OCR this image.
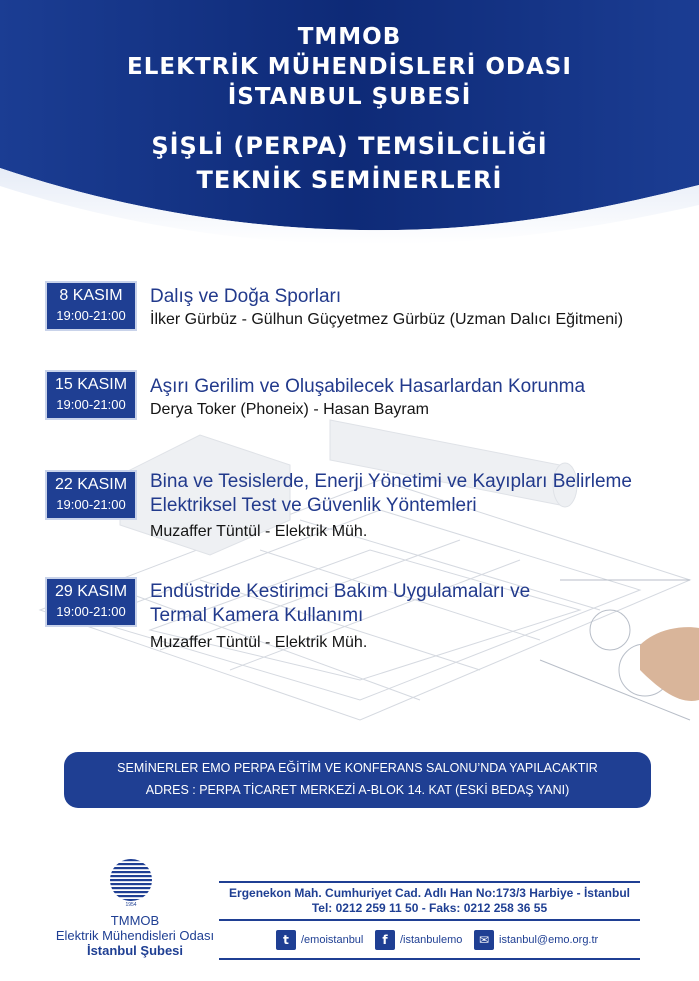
TMMOB
ELEKTRİK MÜHENDİSLERİ ODASI
İSTANBUL ŞUBESİ
ŞİŞLİ (PERPA) TEMSİLCİLİĞİ
TEKNİK SEMİNERLERİ
8 KASIM
19:00-21:00
Dalış ve Doğa Sporları
İlker Gürbüz - Gülhun Güçyetmez Gürbüz (Uzman Dalıcı Eğitmeni)
15 KASIM
19:00-21:00
Aşırı Gerilim ve Oluşabilecek Hasarlardan Korunma
Derya Toker (Phoneix) - Hasan Bayram
22 KASIM
19:00-21:00
Bina ve Tesislerde, Enerji Yönetimi ve Kayıpları Belirleme
Elektriksel Test ve Güvenlik Yöntemleri
Muzaffer Tüntül - Elektrik Müh.
29 KASIM
19:00-21:00
Endüstride Kestirimci Bakım Uygulamaları ve
Termal Kamera Kullanımı
Muzaffer Tüntül - Elektrik Müh.
SEMİNERLER EMO PERPA EĞİTİM VE KONFERANS SALONU’NDA YAPILACAKTIR
ADRES : PERPA TİCARET MERKEZİ A-BLOK 14. KAT (ESKİ BEDAŞ YANI)
1954
TMMOB
Elektrik Mühendisleri Odası
İstanbul Şubesi
Ergenekon Mah. Cumhuriyet Cad. Adlı Han No:173/3 Harbiye - İstanbul
Tel: 0212 259 11 50 - Faks: 0212 258 36 55
t	/emoistanbul	f	/istanbulemo	✉ istanbul@emo.org.tr
